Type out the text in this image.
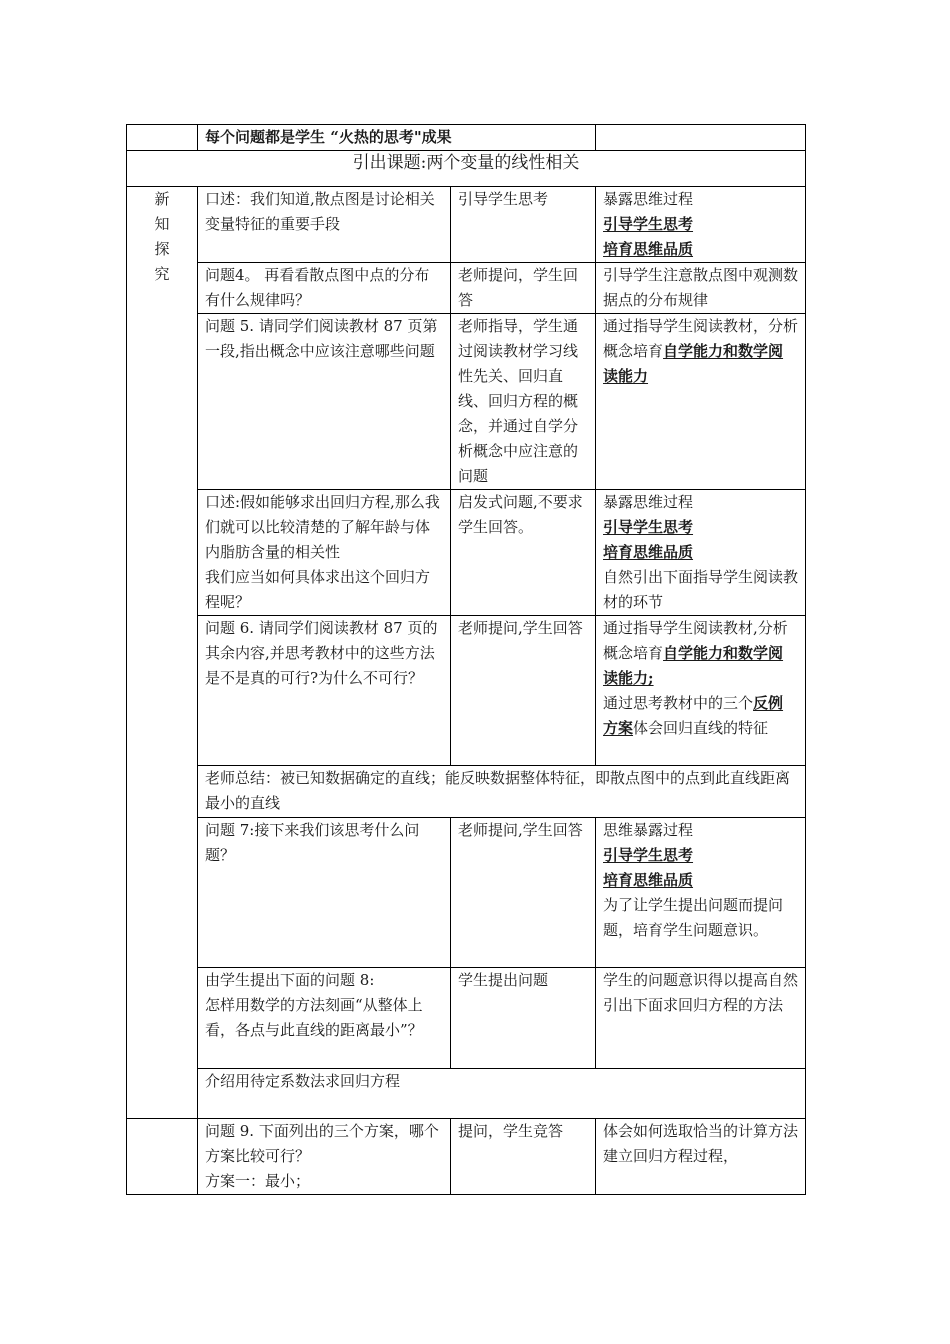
	每个问题都是学生 “火热的思考"成果		
引出课题:两个变量的线性相关			

新
知
探
究	口述：我们知道,散点图是讨论相关变量特征的重要手段	引导学生思考	暴露思维过程
引导学生思考
培育思维品质

	问题4。 再看看散点图中点的分布有什么规律吗？	老师提问，学生回答	引导学生注意散点图中观测数据点的分布规律
	问题 5. 请同学们阅读教材 87 页第一段,指出概念中应该注意哪些问题	老师指导，学生通过阅读教材学习线性先关、回归直线、回归方程的概念，并通过自学分析概念中应注意的问题	通过指导学生阅读教材，分析概念培育自学能力和数学阅读能力

	口述:假如能够求出回归方程,那么我们就可以比较清楚的了解年龄与体内脂肪含量的相关性
我们应当如何具体求出这个回归方程呢？	启发式问题,不要求学生回答。	暴露思维过程
引导学生思考
培育思维品质
自然引出下面指导学生阅读教材的环节

	问题 6. 请同学们阅读教材 87 页的其余内容,并思考教材中的这些方法是不是真的可行?为什么不可行？	老师提问,学生回答	通过指导学生阅读教材,分析概念培育自学能力和数学阅读能力;
通过思考教材中的三个反例方案体会回归直线的特征
	老师总结：被已知数据确定的直线；能反映数据整体特征，即散点图中的点到此直线距离最小的直线		
	问题 7:接下来我们该思考什么问题？	老师提问,学生回答	思维暴露过程
引导学生思考
培育思维品质
为了让学生提出问题而提问题，培育学生问题意识。

	由学生提出下面的问题 8:
怎样用数学的方法刻画“从整体上看，各点与此直线的距离最小”？	学生提出问题	学生的问题意识得以提高自然引出下面求回归方程的方法
	介绍用待定系数法求回归方程		

	问题 9. 下面列出的三个方案，哪个方案比较可行？
方案一：最小；	提问，学生竞答	体会如何选取恰当的计算方法建立回归方程过程，
